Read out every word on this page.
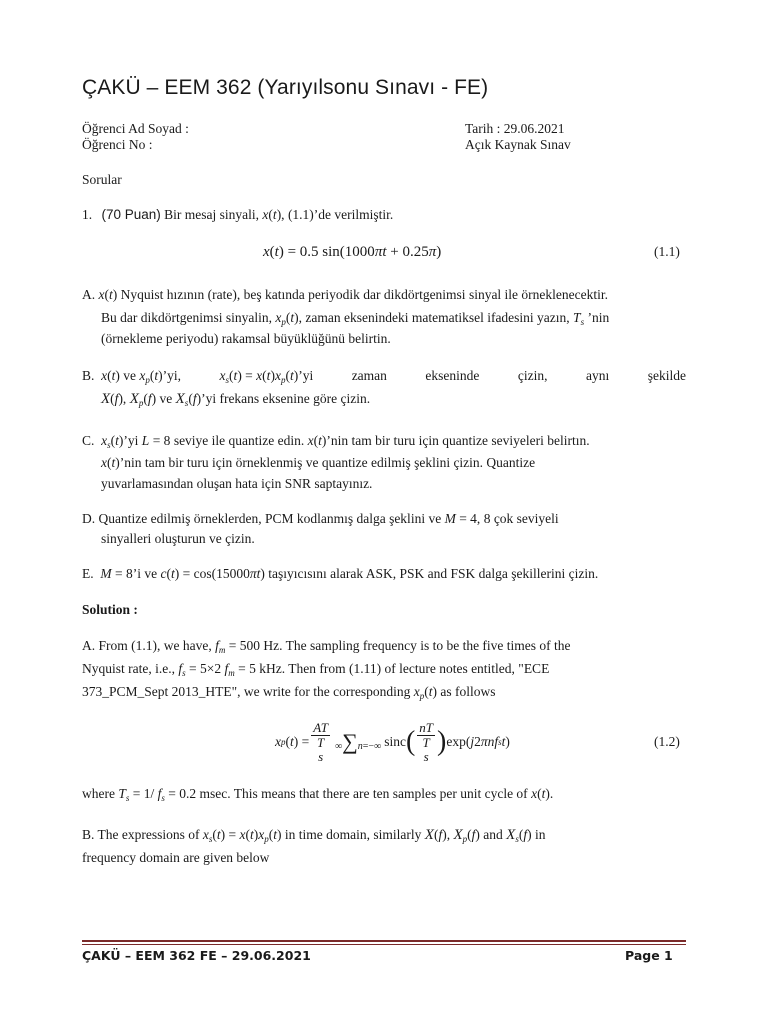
ÇAKÜ – EEM 362 (Yarıyılsonu Sınavı - FE)
Öğrenci Ad Soyad :
Öğrenci No :
Tarih : 29.06.2021
Açık Kaynak Sınav
Sorular
1. (70 Puan) Bir mesaj sinyali, x(t), (1.1)’de verilmiştir.
x(t) = 0.5 sin(1000πt + 0.25π)	(1.1)
A. x(t) Nyquist hızının (rate), beş katında periyodik dar dikdörtgenimsi sinyal ile örneklenecektir.
Bu dar dikdörtgenimsi sinyalin, $x_p(t)$, zaman eksenindeki matematiksel ifadesini yazın, $T_s$ ’nin
(örnekleme periyodu) rakamsal büyüklüğünü belirtin.
B. x(t) ve $x_p(t)’yi$,	$x_s(t)$ = $x(t)x_p(t)’yi$	zaman	ekseninde	çizin,	aynı	şekilde
X(f), $X_p(f)$ ve $X_s(f)’yi$ frekans eksenine göre çizin.
C. $x_s(t)’yi$ L = 8 seviye ile quantize edin. x(t)’nin tam bir turu için quantize seviyeleri belirtın.
x(t)’nin tam bir turu için örneklenmiş ve quantize edilmiş şeklini çizin. Quantize
yuvarlamasından oluşan hata için SNR saptayınız.
D. Quantize edilmiş örneklerden, PCM kodlanmış dalga şeklini ve M = 4, 8 çok seviyeli
sinyalleri oluşturun ve çizin.
E. M = 8’i ve c(t) = cos(15000πt) taşıyıcısını alarak ASK, PSK and FSK dalga şekillerini çizin.
Solution :
A. From (1.1), we have, $f_m = 500$ Hz. The sampling frequency is to be the five times of the
Nyquist rate, i.e., $f_s = 5\times 2$ $f_m = 5$ kHz. Then from (1.11) of lecture notes entitled, "ECE
373_PCM_Sept 2013_HTE", we write for the corresponding $x_p(t)$ as follows
x p ( t ) = AT
T
s ∞∑n=−∞ sinc ( nT
T
s ) exp( j 2 πnf s t )	(1.2)
where $T_s = 1/$ $f_s = 0.2$ msec. This means that there are ten samples per unit cycle of x(t).
B. The expressions of $x_s(t) = x(t)x_p(t)$ in time domain, similarly X(f), $X_p(f)$ and $X_s(f)$ in
frequency domain are given below
ÇAKÜ – EEM 362 FE – 29.06.2021	Page 1
